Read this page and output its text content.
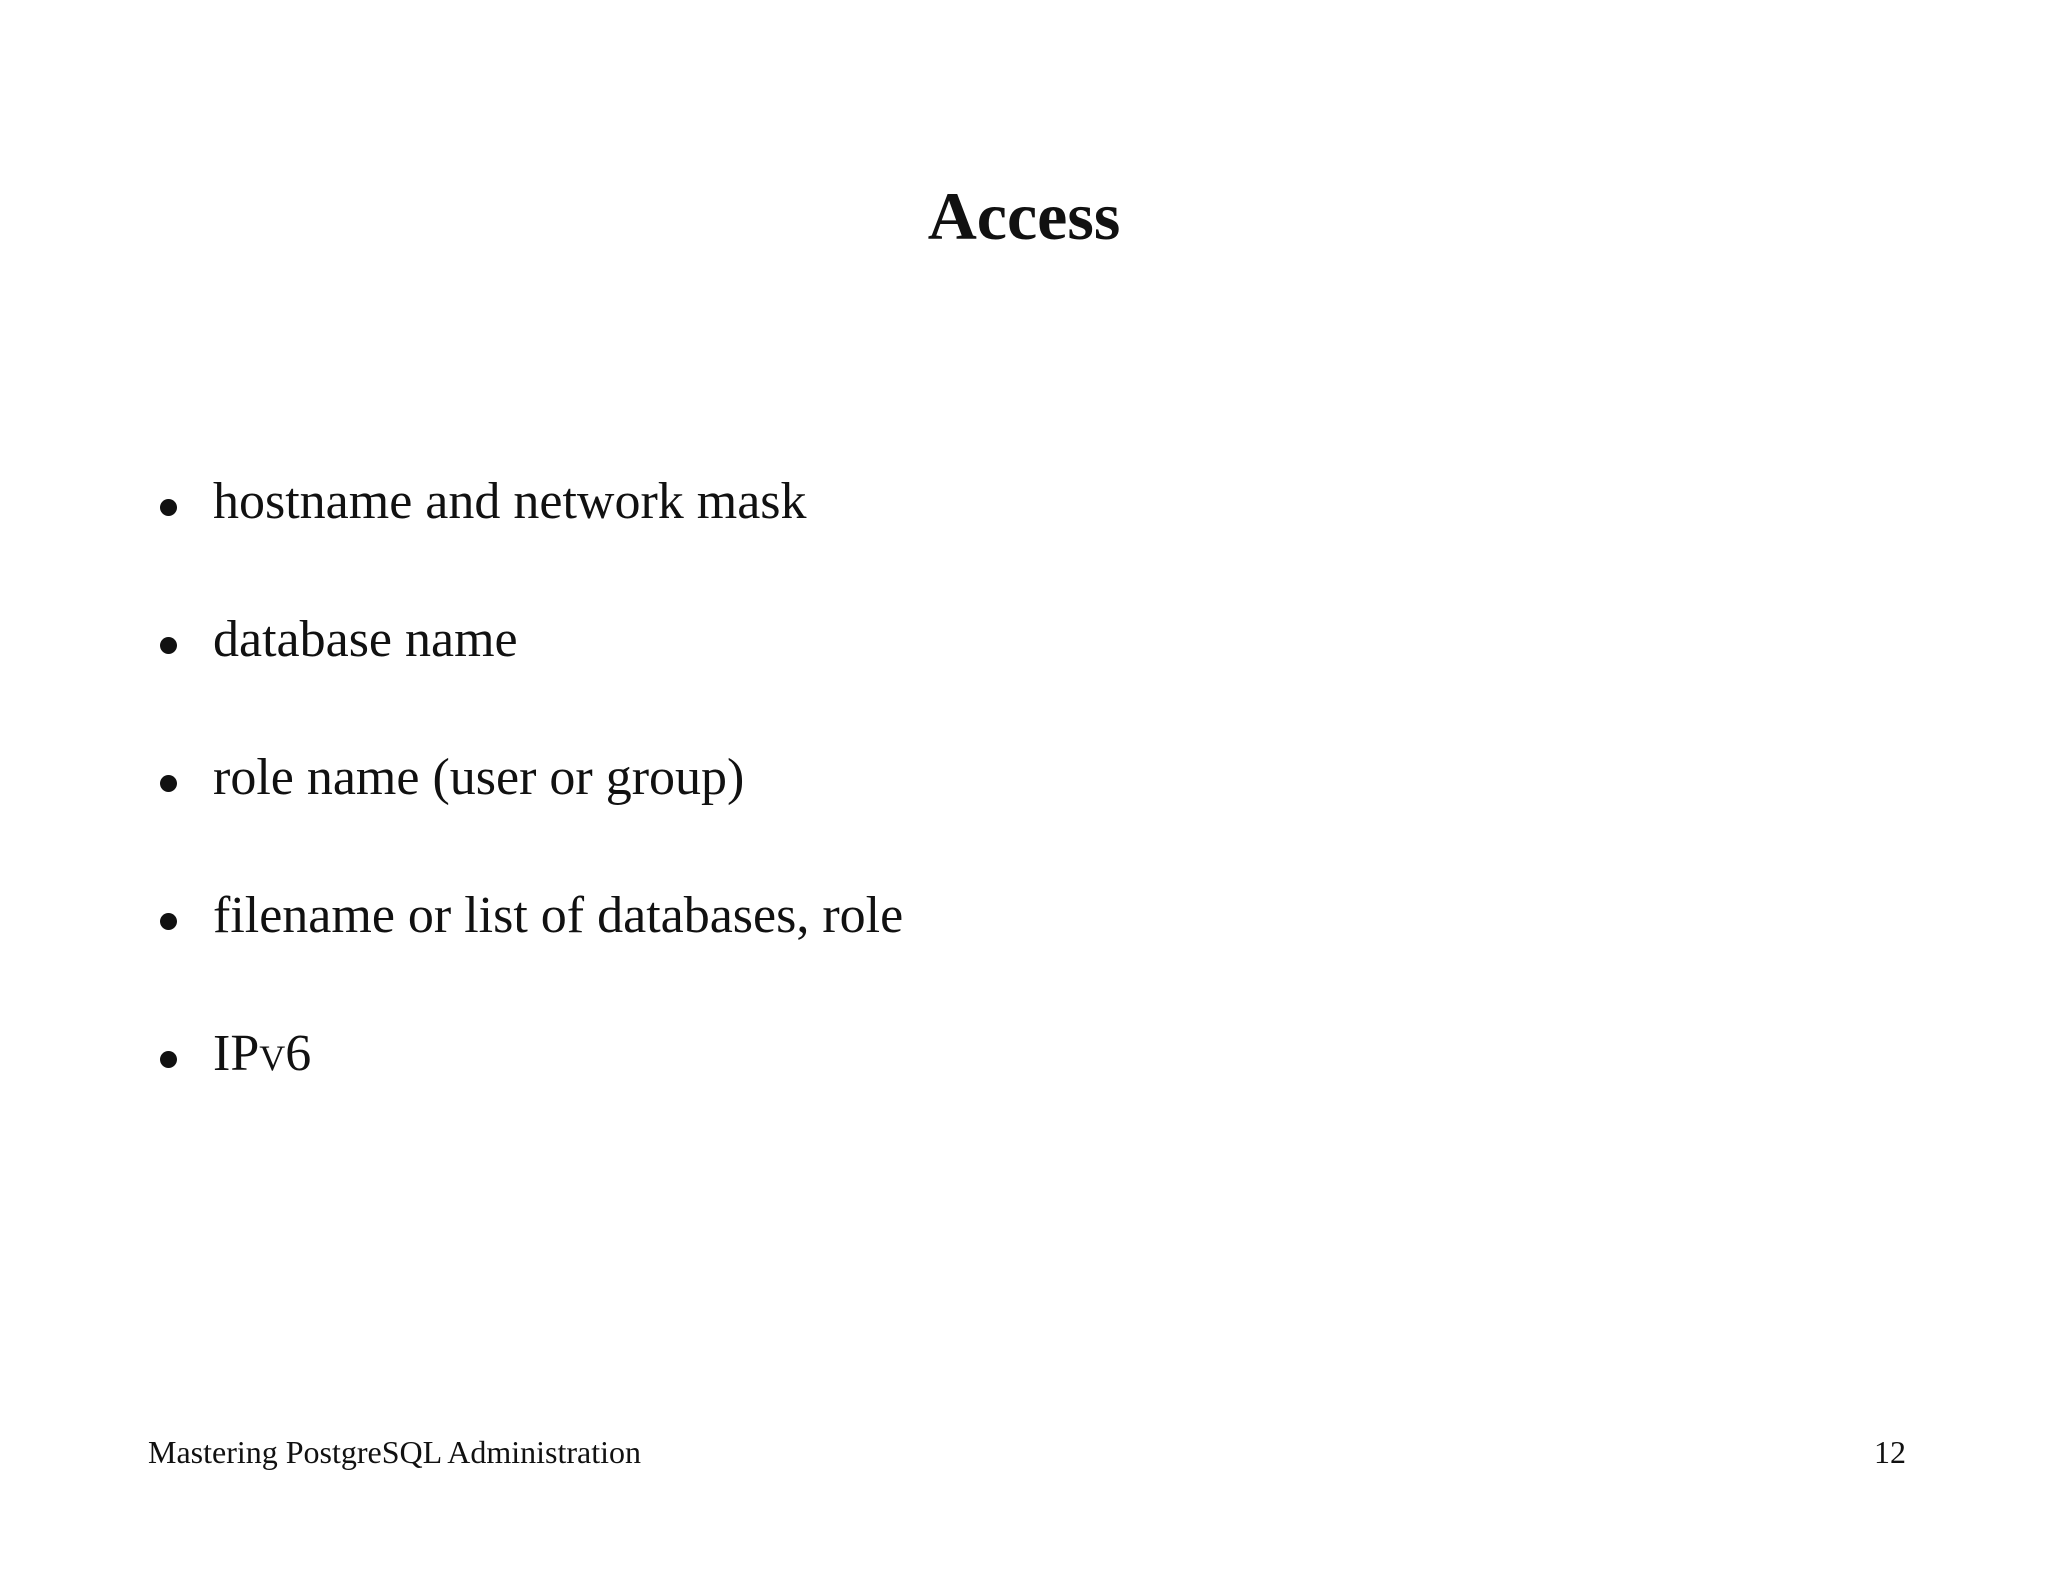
Access
hostname and network mask
database name
role name (user or group)
filename or list of databases, role
IPv6
Mastering PostgreSQL Administration	12
